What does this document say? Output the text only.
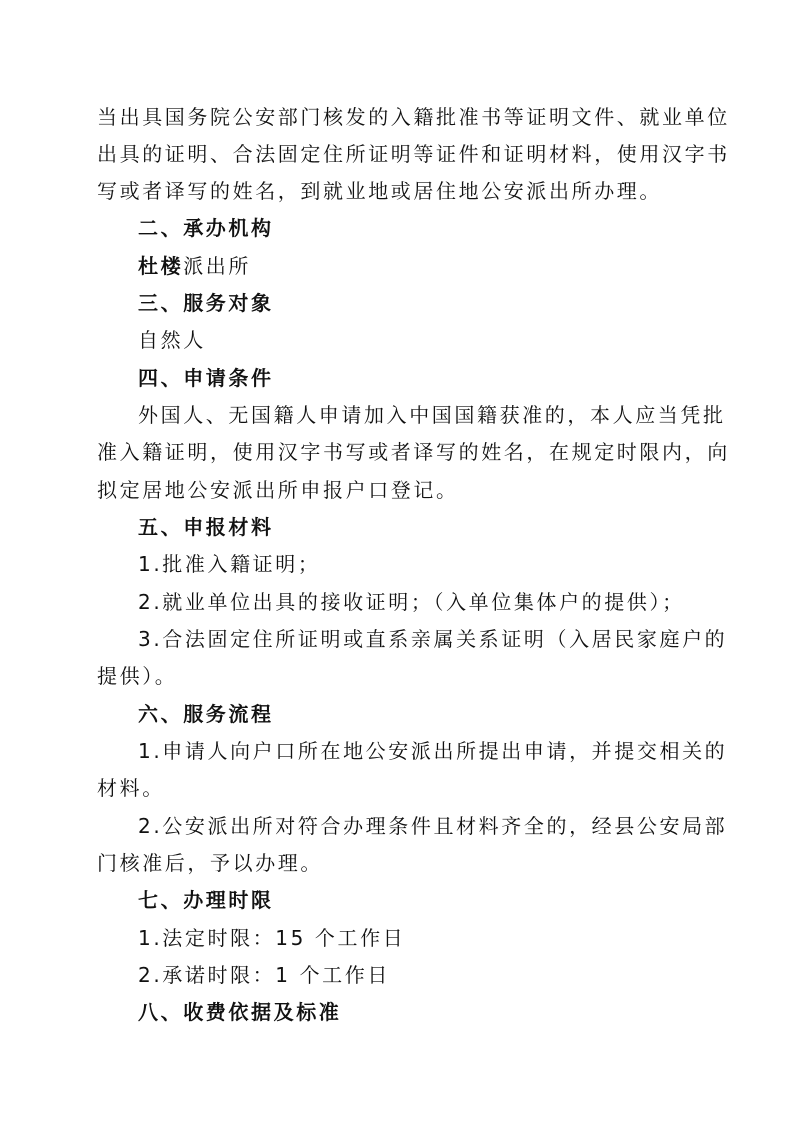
当出具国务院公安部门核发的入籍批准书等证明文件、就业单位
出具的证明、合法固定住所证明等证件和证明材料，使用汉字书
写或者译写的姓名，到就业地或居住地公安派出所办理。
二、承办机构
杜楼派出所
三、服务对象
自然人
四、申请条件
外国人、无国籍人申请加入中国国籍获准的，本人应当凭批
准入籍证明，使用汉字书写或者译写的姓名，在规定时限内，向
拟定居地公安派出所申报户口登记。
五、申报材料
1.批准入籍证明；
2.就业单位出具的接收证明；（入单位集体户的提供）；
3.合法固定住所证明或直系亲属关系证明（入居民家庭户的
提供）。
六、服务流程
1.申请人向户口所在地公安派出所提出申请，并提交相关的
材料。
2.公安派出所对符合办理条件且材料齐全的，经县公安局部
门核准后，予以办理。
七、办理时限
1.法定时限：15 个工作日
2.承诺时限：1 个工作日
八、收费依据及标准
